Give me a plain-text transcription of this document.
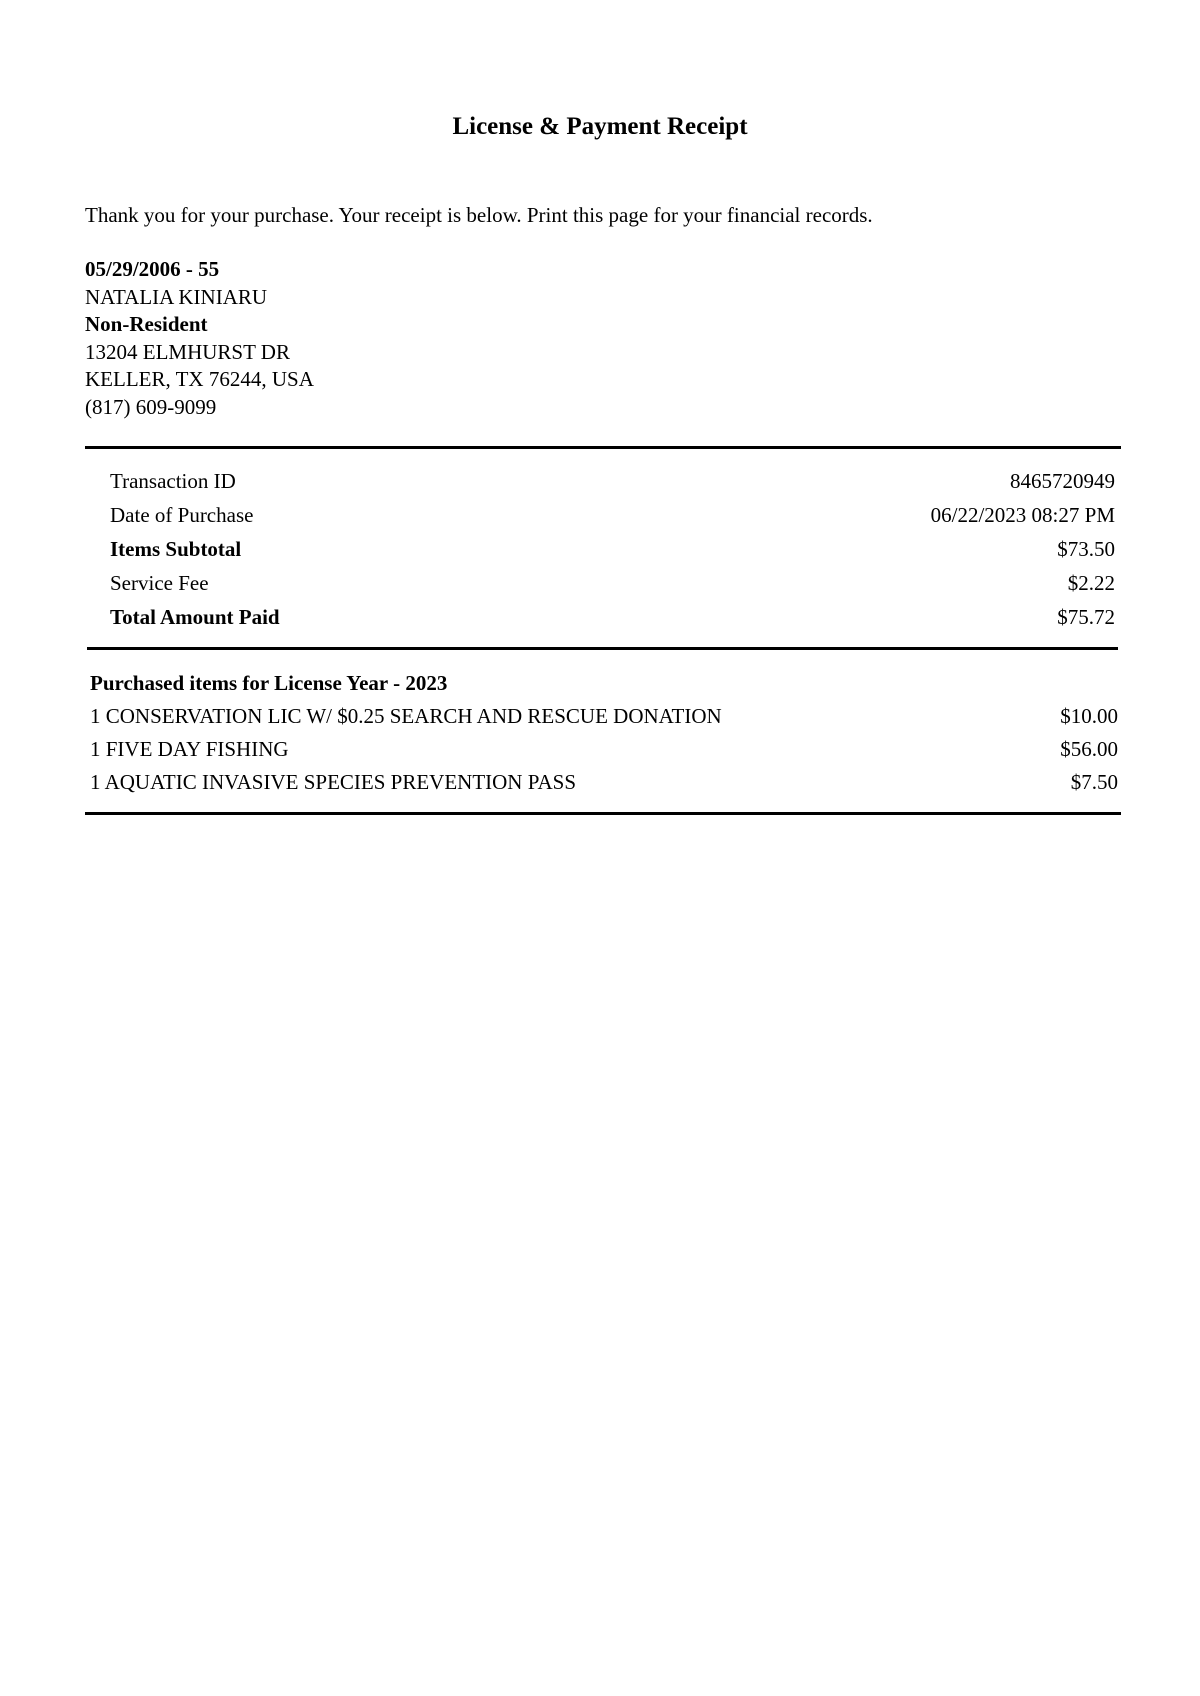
License & Payment Receipt
Thank you for your purchase. Your receipt is below. Print this page for your financial records.
05/29/2006 - 55
NATALIA KINIARU
Non-Resident
13204 ELMHURST DR
KELLER, TX 76244, USA
(817) 609-9099
Transaction ID	8465720949
Date of Purchase	06/22/2023 08:27 PM
Items Subtotal	$73.50
Service Fee	$2.22
Total Amount Paid	$75.72
Purchased items for License Year - 2023
1 CONSERVATION LIC W/ $0.25 SEARCH AND RESCUE DONATION	$10.00
1 FIVE DAY FISHING	$56.00
1 AQUATIC INVASIVE SPECIES PREVENTION PASS	$7.50
